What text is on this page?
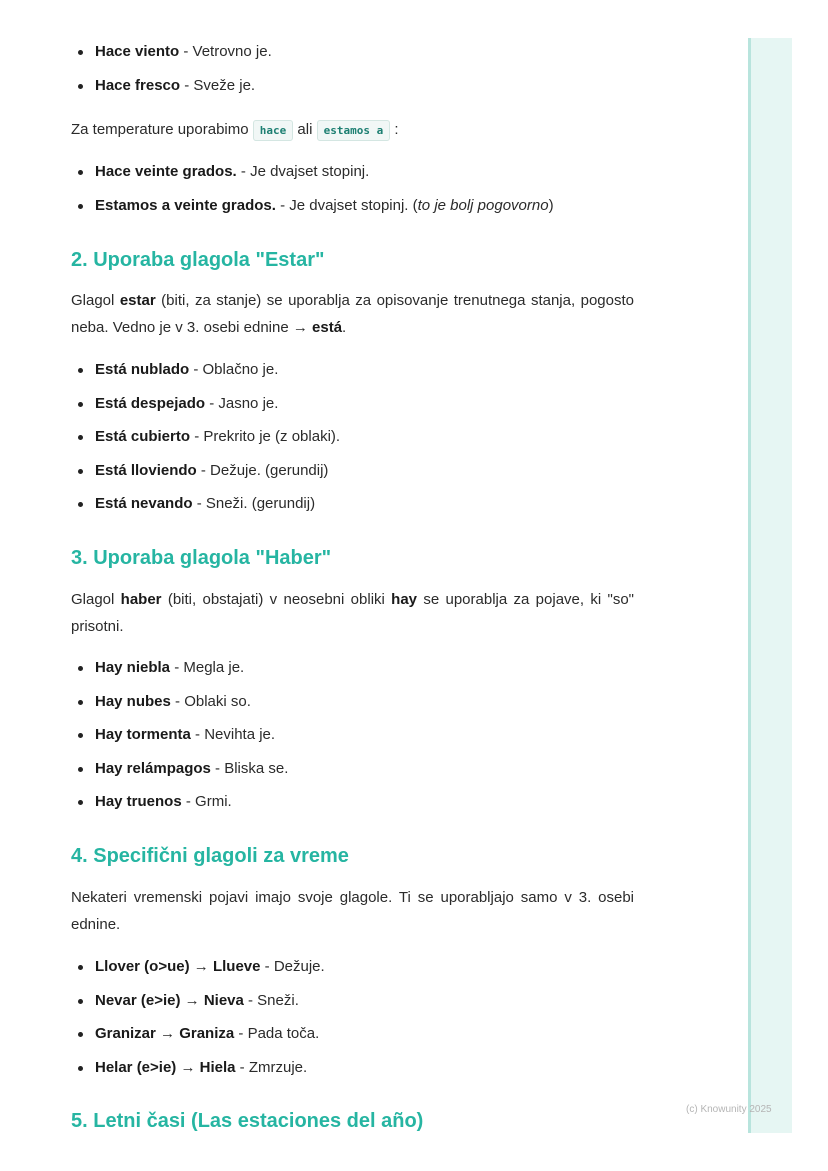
(c) Knowunity 2025
Hace viento - Vetrovno je.
Hace fresco - Sveže je.

Za temperature uporabimo hace ali estamos a :

Hace veinte grados. - Je dvajset stopinj.
Estamos a veinte grados. - Je dvajset stopinj. (to je bolj pogovorno)
2. Uporaba glagola "Estar"

Glagol estar (biti, za stanje) se uporablja za opisovanje trenutnega stanja, pogosto neba. Vedno je v 3. osebi ednine → está.

Está nublado - Oblačno je.
Está despejado - Jasno je.
Está cubierto - Prekrito je (z oblaki).
Está lloviendo - Dežuje. (gerundij)
Está nevando - Sneži. (gerundij)
3. Uporaba glagola "Haber"

Glagol haber (biti, obstajati) v neosebni obliki hay se uporablja za pojave, ki "so" prisotni.

Hay niebla - Megla je.
Hay nubes - Oblaki so.
Hay tormenta - Nevihta je.
Hay relámpagos - Bliska se.
Hay truenos - Grmi.
4. Specifični glagoli za vreme

Nekateri vremenski pojavi imajo svoje glagole. Ti se uporabljajo samo v 3. osebi ednine.

Llover (o>ue) → Llueve - Dežuje.
Nevar (e>ie) → Nieva - Sneži.
Granizar → Graniza - Pada toča.
Helar (e>ie) → Hiela - Zmrzuje.
5. Letni časi (Las estaciones del año)
